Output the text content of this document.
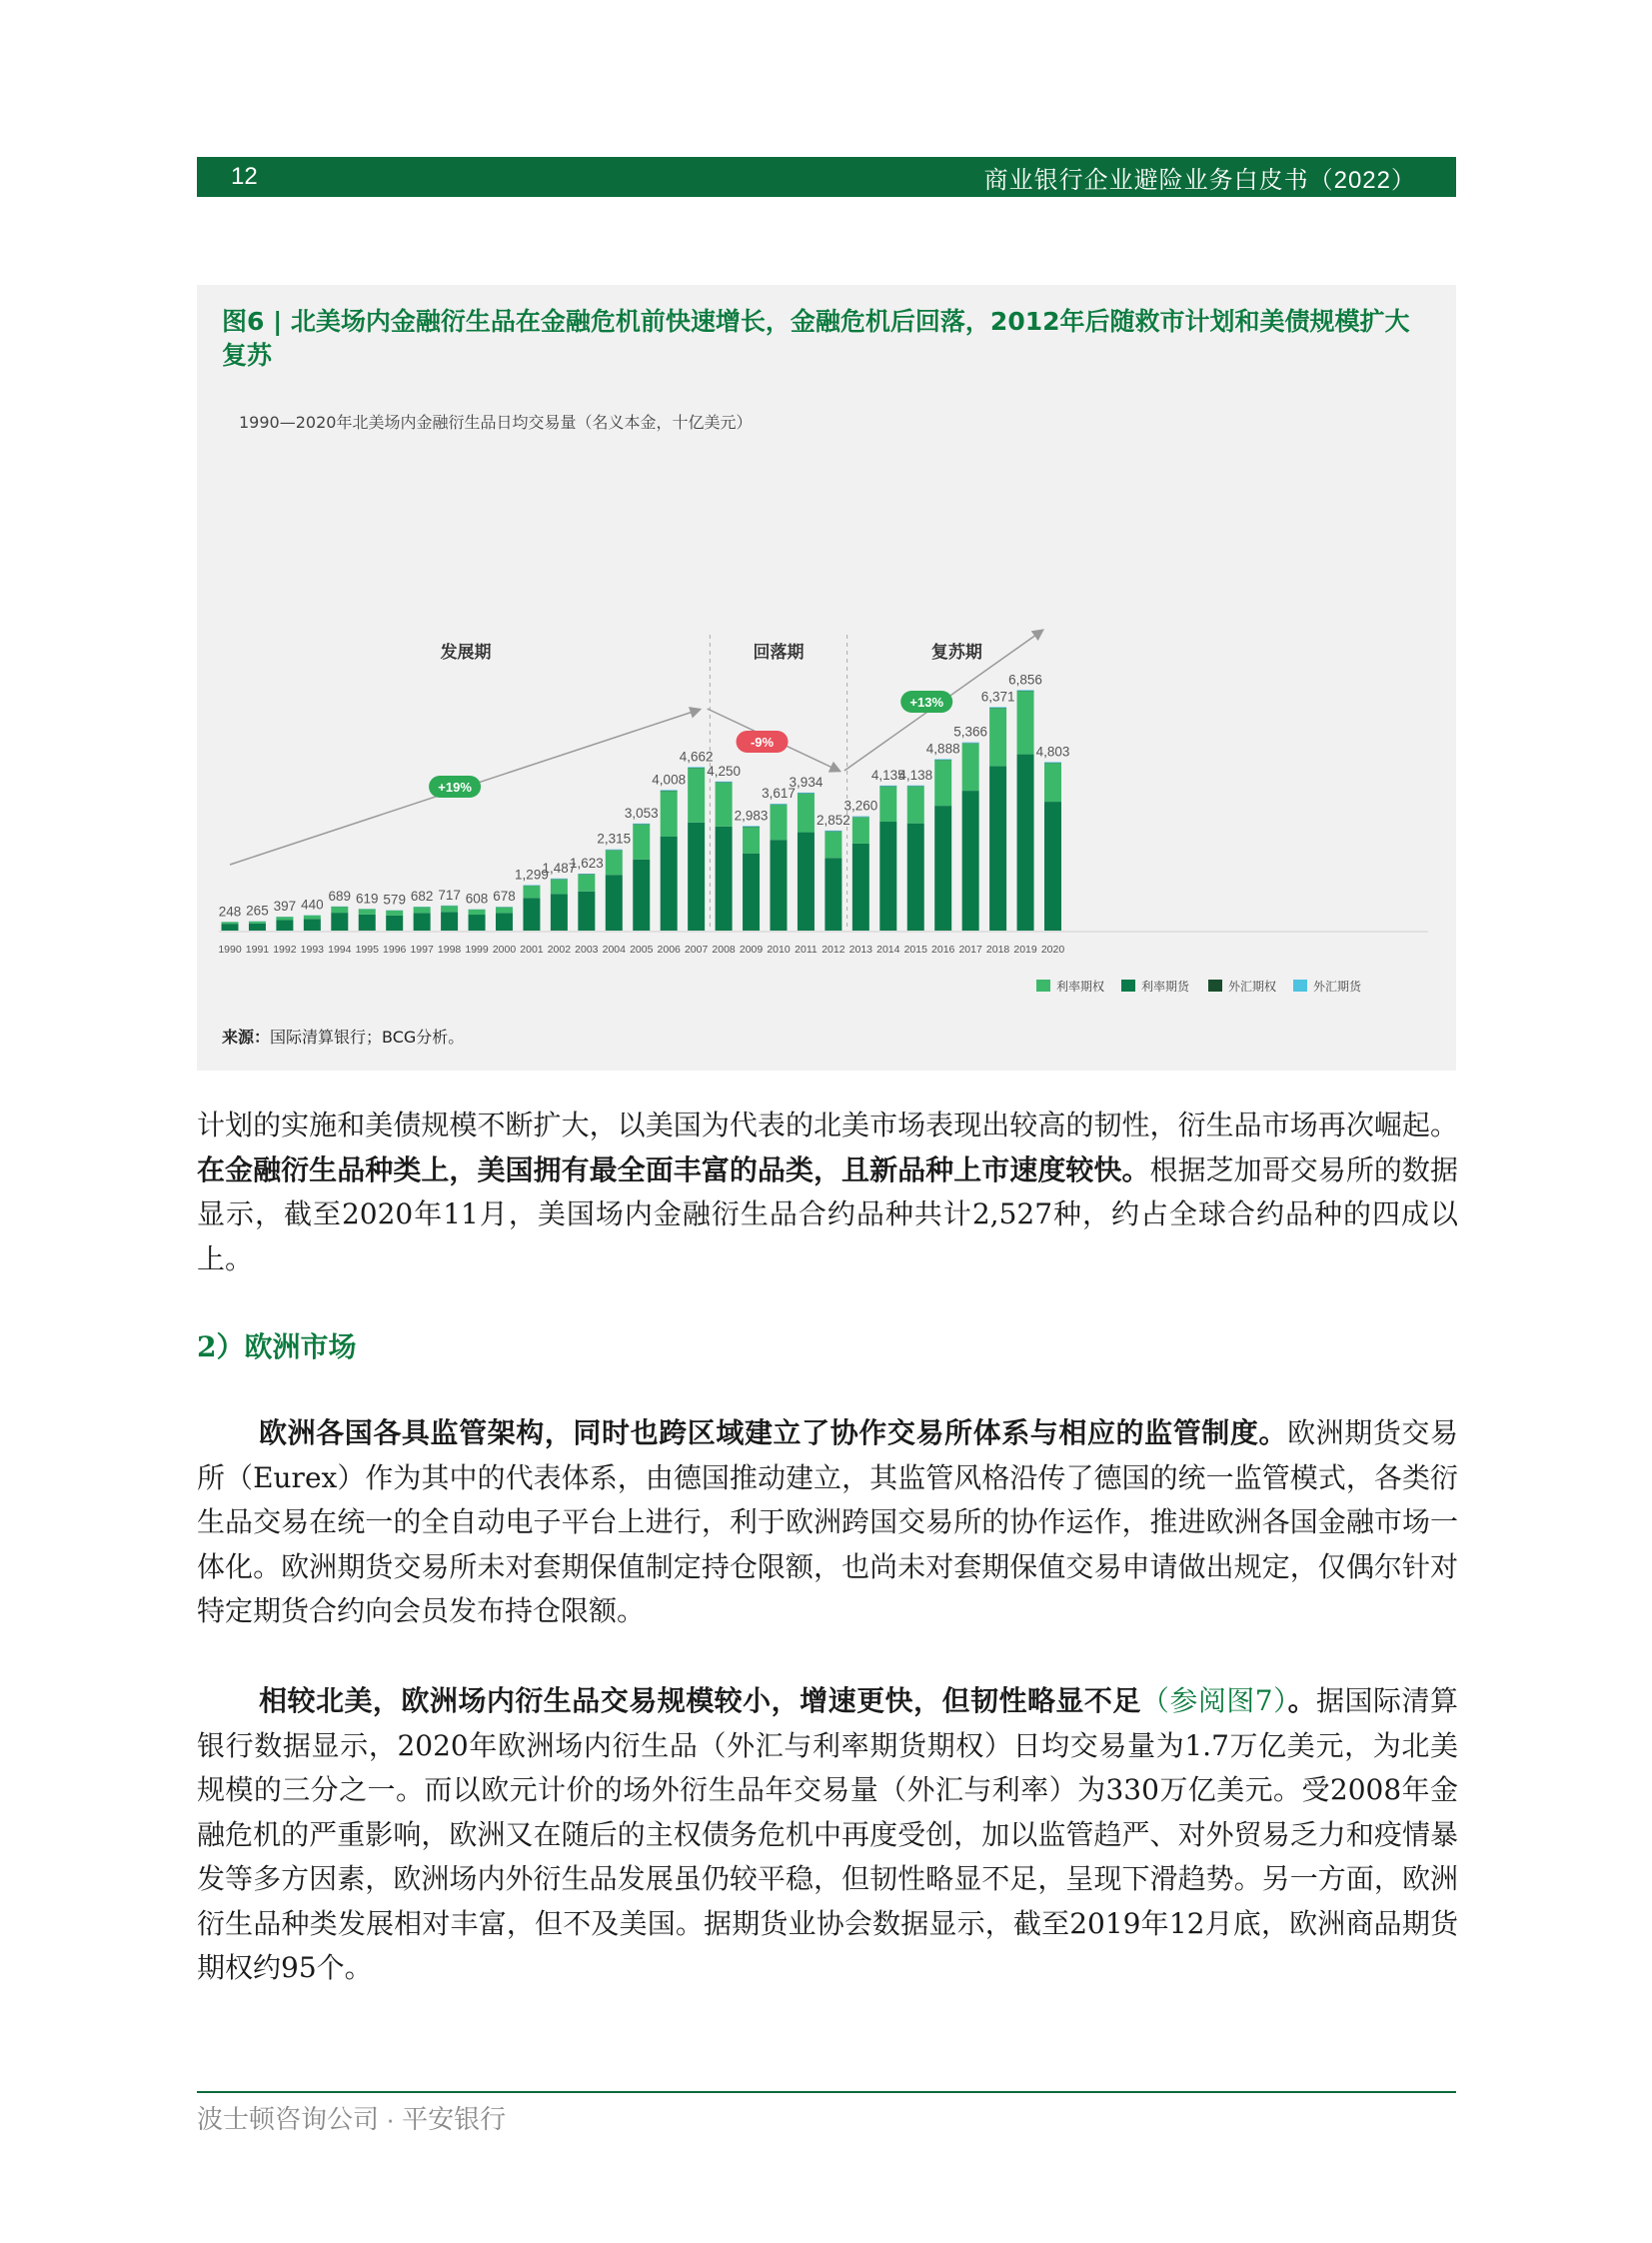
12	商业银行企业避险业务白皮书（2022）
图6 | 北美场内金融衍生品在金融危机前快速增长，金融危机后回落，2012年后随救市计划和美债规模扩大复苏
1990—2020年北美场内金融衍生品日均交易量（名义本金，十亿美元）
发展期	回落期	复苏期
248
1990
265
1991
397
1992
440
1993
689
1994
619
1995
579
1996
682
1997
717
1998
608
1999
678
2000
1,299
2001
1,487
2002
1,623
2003
2,315
2004
3,053
2005
4,008
2006
4,662
2007
4,250
2008
2,983
2009
3,617
2010
3,934
2011
2,852
2012
3,260
2013
4,135
2014
4,138
2015
4,888
2016
5,366
2017
6,371
2018
6,856
2019
4,803
2020
+19%
-9%
+13%
利率期权	利率期货	外汇期权	外汇期货
来源：国际清算银行；BCG分析。

计划的实施和美债规模不断扩大，以美国为代表的北美市场表现出较高的韧性，衍生品市场再次崛起。在金融衍生品种类上，美国拥有最全面丰富的品类，且新品种上市速度较快。根据芝加哥交易所的数据显示，截至2020年11月，美国场内金融衍生品合约品种共计2,527种，约占全球合约品种的四成以上。

2）欧洲市场

欧洲各国各具监管架构，同时也跨区域建立了协作交易所体系与相应的监管制度。欧洲期货交易所（Eurex）作为其中的代表体系，由德国推动建立，其监管风格沿传了德国的统一监管模式，各类衍生品交易在统一的全自动电子平台上进行，利于欧洲跨国交易所的协作运作，推进欧洲各国金融市场一体化。欧洲期货交易所未对套期保值制定持仓限额，也尚未对套期保值交易申请做出规定，仅偶尔针对特定期货合约向会员发布持仓限额。

相较北美，欧洲场内衍生品交易规模较小，增速更快，但韧性略显不足（参阅图7）。据国际清算银行数据显示，2020年欧洲场内衍生品（外汇与利率期货期权）日均交易量为1.7万亿美元，为北美规模的三分之一。而以欧元计价的场外衍生品年交易量（外汇与利率）为330万亿美元。受2008年金融危机的严重影响，欧洲又在随后的主权债务危机中再度受创，加以监管趋严、对外贸易乏力和疫情暴发等多方因素，欧洲场内外衍生品发展虽仍较平稳，但韧性略显不足，呈现下滑趋势。另一方面，欧洲衍生品种类发展相对丰富，但不及美国。据期货业协会数据显示，截至2019年12月底，欧洲商品期货期权约95个。

波士顿咨询公司 · 平安银行
